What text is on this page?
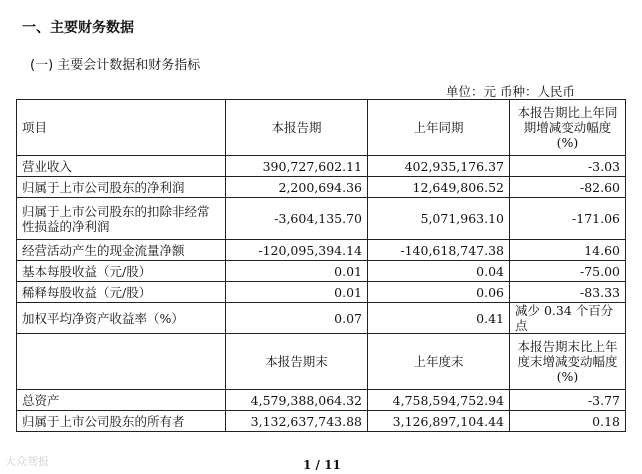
一、主要财务数据
(一) 主要会计数据和财务指标
单位：元 币种：人民币
项目	本报告期	上年同期	本报告期比上年同期增减变动幅度(%)
营业收入	390,727,602.11	402,935,176.37	-3.03
归属于上市公司股东的净利润	2,200,694.36	12,649,806.52	-82.60
归属于上市公司股东的扣除非经常性损益的净利润	-3,604,135.70	5,071,963.10	-171.06
经营活动产生的现金流量净额	-120,095,394.14	-140,618,747.38	14.60
基本每股收益（元/股）	0.01	0.04	-75.00
稀释每股收益（元/股）	0.01	0.06	-83.33
加权平均净资产收益率（%）	0.07	0.41	减少 0.34 个百分点
	本报告期末	上年度末	本报告期末比上年度末增减变动幅度(%)
总资产	4,579,388,064.32	4,758,594,752.94	-3.77
归属于上市公司股东的所有者	3,132,637,743.88	3,126,897,104.44	0.18
大众驾报	1 / 11
